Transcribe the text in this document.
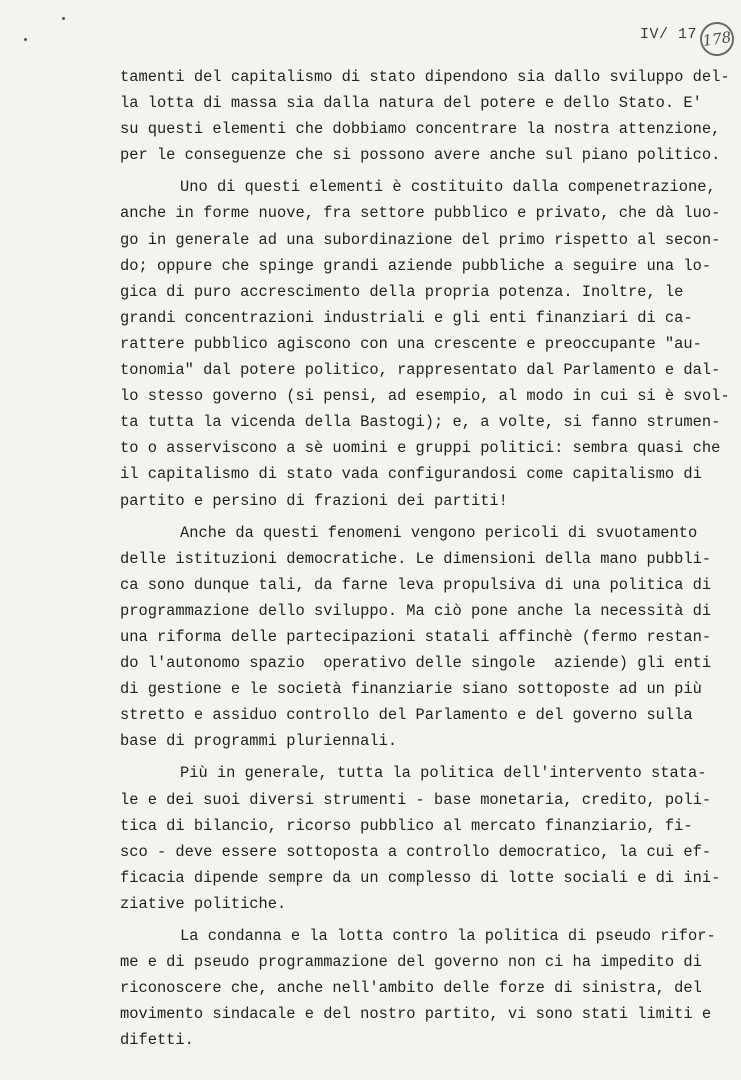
IV/ 17 178
tamenti del capitalismo di stato dipendono sia dallo sviluppo del-
la lotta di massa sia dalla natura del potere e dello Stato. E'
su questi elementi che dobbiamo concentrare la nostra attenzione,
per le conseguenze che si possono avere anche sul piano politico.
Uno di questi elementi è costituito dalla compenetrazione,
anche in forme nuove, fra settore pubblico e privato, che dà luo-
go in generale ad una subordinazione del primo rispetto al secon-
do; oppure che spinge grandi aziende pubbliche a seguire una lo-
gica di puro accrescimento della propria potenza. Inoltre, le
grandi concentrazioni industriali e gli enti finanziari di ca-
rattere pubblico agiscono con una crescente e preoccupante "au-
tonomia" dal potere politico, rappresentato dal Parlamento e dal-
lo stesso governo (si pensi, ad esempio, al modo in cui si è svol-
ta tutta la vicenda della Bastogi); e, a volte, si fanno strumen-
to o asserviscono a sè uomini e gruppi politici: sembra quasi che
il capitalismo di stato vada configurandosi come capitalismo di
partito e persino di frazioni dei partiti!
Anche da questi fenomeni vengono pericoli di svuotamento
delle istituzioni democratiche. Le dimensioni della mano pubbli-
ca sono dunque tali, da farne leva propulsiva di una politica di
programmazione dello sviluppo. Ma ciò pone anche la necessità di
una riforma delle partecipazioni statali affinchè (fermo restan-
do l'autonomo spazio  operativo delle singole  aziende) gli enti
di gestione e le società finanziarie siano sottoposte ad un più
stretto e assiduo controllo del Parlamento e del governo sulla
base di programmi pluriennali.
Più in generale, tutta la politica dell'intervento stata-
le e dei suoi diversi strumenti - base monetaria, credito, poli-
tica di bilancio, ricorso pubblico al mercato finanziario, fi-
sco - deve essere sottoposta a controllo democratico, la cui ef-
ficacia dipende sempre da un complesso di lotte sociali e di ini-
ziative politiche.
La condanna e la lotta contro la politica di pseudo rifor-
me e di pseudo programmazione del governo non ci ha impedito di
riconoscere che, anche nell'ambito delle forze di sinistra, del
movimento sindacale e del nostro partito, vi sono stati limiti e
difetti.
